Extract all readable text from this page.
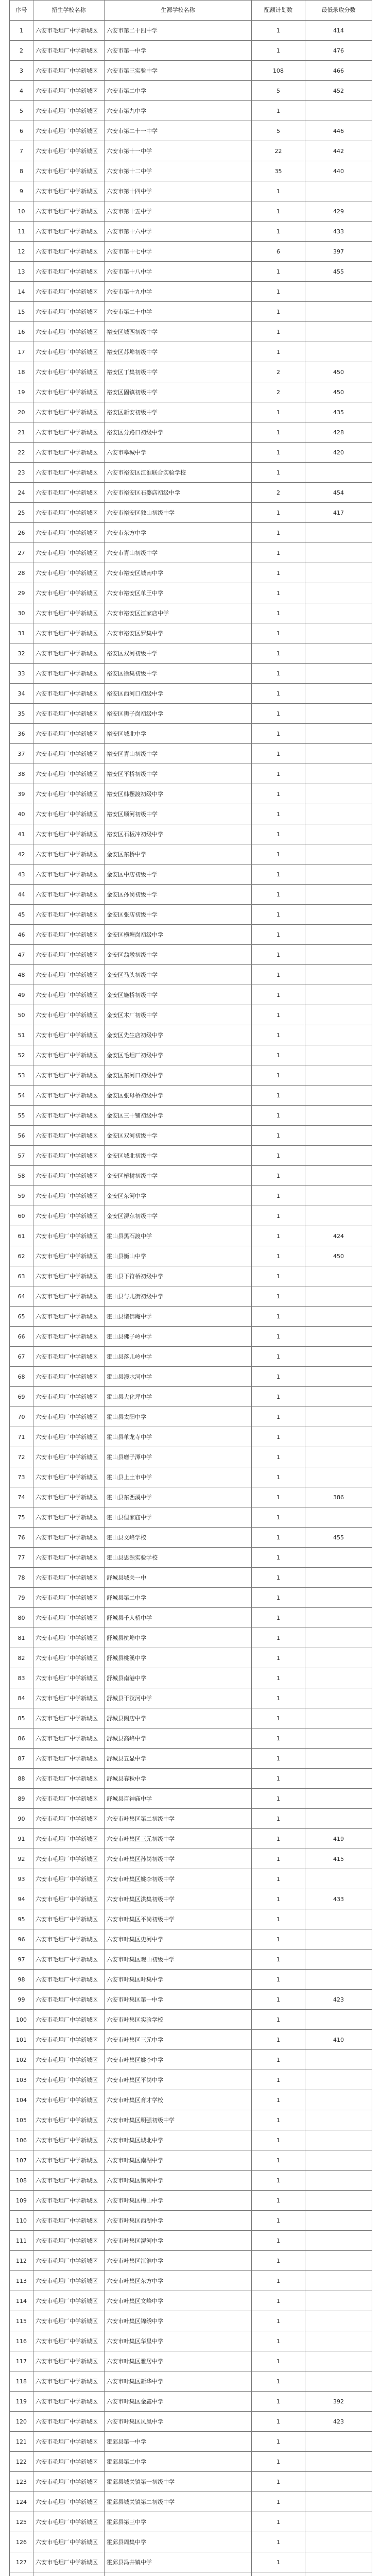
序号	招生学校名称	生源学校名称	配额计划数	最低录取分数
1	六安市毛坦厂中学新城区	六安市第二十四中学	1	414
2	六安市毛坦厂中学新城区	六安市第一中学	1	476
3	六安市毛坦厂中学新城区	六安市第三实验中学	108	466
4	六安市毛坦厂中学新城区	六安市第二中学	5	452
5	六安市毛坦厂中学新城区	六安市第九中学	1	
6	六安市毛坦厂中学新城区	六安市第二十一中学	5	446
7	六安市毛坦厂中学新城区	六安市第十一中学	22	442
8	六安市毛坦厂中学新城区	六安市第十二中学	35	440
9	六安市毛坦厂中学新城区	六安市第十四中学	1	
10	六安市毛坦厂中学新城区	六安市第十五中学	1	429
11	六安市毛坦厂中学新城区	六安市第十六中学	1	433
12	六安市毛坦厂中学新城区	六安市第十七中学	6	397
13	六安市毛坦厂中学新城区	六安市第十八中学	1	455
14	六安市毛坦厂中学新城区	六安市第十九中学	1	
15	六安市毛坦厂中学新城区	六安市第二十中学	1	
16	六安市毛坦厂中学新城区	裕安区城西初级中学	1	
17	六安市毛坦厂中学新城区	裕安区苏埠初级中学	1	
18	六安市毛坦厂中学新城区	裕安区丁集初级中学	2	450
19	六安市毛坦厂中学新城区	裕安区固镇初级中学	2	450
20	六安市毛坦厂中学新城区	裕安区新安初级中学	1	435
21	六安市毛坦厂中学新城区	裕安区分路口初级中学	1	428
22	六安市毛坦厂中学新城区	六安市皋城中学	1	420
23	六安市毛坦厂中学新城区	六安市裕安区江淮联合实验学校	1	
24	六安市毛坦厂中学新城区	六安市裕安区石婆店初级中学	2	454
25	六安市毛坦厂中学新城区	六安市裕安区独山初级中学	1	417
26	六安市毛坦厂中学新城区	六安市东方中学	1	
27	六安市毛坦厂中学新城区	六安市青山初级中学	1	
28	六安市毛坦厂中学新城区	六安市裕安区城南中学	1	
29	六安市毛坦厂中学新城区	六安市裕安区单王中学	1	
30	六安市毛坦厂中学新城区	六安市裕安区江家店中学	1	
31	六安市毛坦厂中学新城区	六安市裕安区罗集中学	1	
32	六安市毛坦厂中学新城区	裕安区双河初级中学	1	
33	六安市毛坦厂中学新城区	裕安区徐集初级中学	1	
34	六安市毛坦厂中学新城区	裕安区西河口初级中学	1	
35	六安市毛坦厂中学新城区	裕安区狮子岗初级中学	1	
36	六安市毛坦厂中学新城区	裕安区城北中学	1	
37	六安市毛坦厂中学新城区	裕安区青山初级中学	1	
38	六安市毛坦厂中学新城区	裕安区平桥初级中学	1	
39	六安市毛坦厂中学新城区	裕安区韩摆渡初级中学	1	
40	六安市毛坦厂中学新城区	裕安区顺河初级中学	1	
41	六安市毛坦厂中学新城区	裕安区石板冲初级中学	1	
42	六安市毛坦厂中学新城区	金安区东桥中学	1	
43	六安市毛坦厂中学新城区	金安区中店初级中学	1	
44	六安市毛坦厂中学新城区	金安区孙岗初级中学	1	
45	六安市毛坦厂中学新城区	金安区张店初级中学	1	
46	六安市毛坦厂中学新城区	金安区横塘岗初级中学	1	
47	六安市毛坦厂中学新城区	金安区翁墩初级中学	1	
48	六安市毛坦厂中学新城区	金安区马头初级中学	1	
49	六安市毛坦厂中学新城区	金安区施桥初级中学	1	
50	六安市毛坦厂中学新城区	金安区木厂初级中学	1	
51	六安市毛坦厂中学新城区	金安区先生店初级中学	1	
52	六安市毛坦厂中学新城区	金安区毛坦厂初级中学	1	
53	六安市毛坦厂中学新城区	金安区东河口初级中学	1	
54	六安市毛坦厂中学新城区	金安区张母桥初级中学	1	
55	六安市毛坦厂中学新城区	金安区三十铺初级中学	1	
56	六安市毛坦厂中学新城区	金安区双河初级中学	1	
57	六安市毛坦厂中学新城区	金安区城北初级中学	1	
58	六安市毛坦厂中学新城区	金安区椿树初级中学	1	
59	六安市毛坦厂中学新城区	金安区东河中学	1	
60	六安市毛坦厂中学新城区	金安区淠东初级中学	1	
61	六安市毛坦厂中学新城区	霍山县黑石渡中学	1	424
62	六安市毛坦厂中学新城区	霍山县衡山中学	1	450
63	六安市毛坦厂中学新城区	霍山县下符桥初级中学	1	
64	六安市毛坦厂中学新城区	霍山县与儿街初级中学	1	
65	六安市毛坦厂中学新城区	霍山县诸佛庵中学	1	
66	六安市毛坦厂中学新城区	霍山县佛子岭中学	1	
67	六安市毛坦厂中学新城区	霍山县落儿岭中学	1	
68	六安市毛坦厂中学新城区	霍山县漫水河中学	1	
69	六安市毛坦厂中学新城区	霍山县大化坪中学	1	
70	六安市毛坦厂中学新城区	霍山县太阳中学	1	
71	六安市毛坦厂中学新城区	霍山县单龙寺中学	1	
72	六安市毛坦厂中学新城区	霍山县磨子潭中学	1	
73	六安市毛坦厂中学新城区	霍山县上土市中学	1	
74	六安市毛坦厂中学新城区	霍山县东西溪中学	1	386
75	六安市毛坦厂中学新城区	霍山县但家庙中学	1	
76	六安市毛坦厂中学新城区	霍山县文峰学校	1	455
77	六安市毛坦厂中学新城区	霍山县思源实验学校	1	
78	六安市毛坦厂中学新城区	舒城县城关一中	1	
79	六安市毛坦厂中学新城区	舒城县第二中学	1	
80	六安市毛坦厂中学新城区	舒城县千人桥中学	1	
81	六安市毛坦厂中学新城区	舒城县杭埠中学	1	
82	六安市毛坦厂中学新城区	舒城县桃溪中学	1	
83	六安市毛坦厂中学新城区	舒城县南港中学	1	
84	六安市毛坦厂中学新城区	舒城县干汊河中学	1	
85	六安市毛坦厂中学新城区	舒城县阙店中学	1	
86	六安市毛坦厂中学新城区	舒城县高峰中学	1	
87	六安市毛坦厂中学新城区	舒城县五显中学	1	
88	六安市毛坦厂中学新城区	舒城县春秋中学	1	
89	六安市毛坦厂中学新城区	舒城县百神庙中学	1	
90	六安市毛坦厂中学新城区	六安市叶集区第二初级中学	1	
91	六安市毛坦厂中学新城区	六安市叶集区三元初级中学	1	419
92	六安市毛坦厂中学新城区	六安市叶集区孙岗初级中学	1	415
93	六安市毛坦厂中学新城区	六安市叶集区姚李初级中学	1	
94	六安市毛坦厂中学新城区	六安市叶集区洪集初级中学	1	433
95	六安市毛坦厂中学新城区	六安市叶集区平岗初级中学	1	
96	六安市毛坦厂中学新城区	六安市叶集区史河中学	1	
97	六安市毛坦厂中学新城区	六安市叶集区观山初级中学	1	
98	六安市毛坦厂中学新城区	六安市叶集区叶集中学	1	
99	六安市毛坦厂中学新城区	六安市叶集区第一中学	1	423
100	六安市毛坦厂中学新城区	六安市叶集区实验学校	1	
101	六安市毛坦厂中学新城区	六安市叶集区三元中学	1	410
102	六安市毛坦厂中学新城区	六安市叶集区姚李中学	1	
103	六安市毛坦厂中学新城区	六安市叶集区平岗中学	1	
104	六安市毛坦厂中学新城区	六安市叶集区育才学校	1	
105	六安市毛坦厂中学新城区	六安市叶集区明强初级中学	1	
106	六安市毛坦厂中学新城区	六安市叶集区城北中学	1	
107	六安市毛坦厂中学新城区	六安市叶集区南湖中学	1	
108	六安市毛坦厂中学新城区	六安市叶集区镇南中学	1	
109	六安市毛坦厂中学新城区	六安市叶集区梅山中学	1	
110	六安市毛坦厂中学新城区	六安市叶集区西湖中学	1	
111	六安市毛坦厂中学新城区	六安市叶集区淠河中学	1	
112	六安市毛坦厂中学新城区	六安市叶集区江淮中学	1	
113	六安市毛坦厂中学新城区	六安市叶集区东方中学	1	
114	六安市毛坦厂中学新城区	六安市叶集区文峰中学	1	
115	六安市毛坦厂中学新城区	六安市叶集区锦绣中学	1	
116	六安市毛坦厂中学新城区	六安市叶集区华星中学	1	
117	六安市毛坦厂中学新城区	六安市叶集区雅居中学	1	
118	六安市毛坦厂中学新城区	六安市叶集区新华中学	1	
119	六安市毛坦厂中学新城区	六安市叶集区金鑫中学	1	392
120	六安市毛坦厂中学新城区	六安市叶集区凤凰中学	1	423
121	六安市毛坦厂中学新城区	霍邱县第一中学	1	
122	六安市毛坦厂中学新城区	霍邱县第二中学	1	
123	六安市毛坦厂中学新城区	霍邱县城关镇第一初级中学	1	
124	六安市毛坦厂中学新城区	霍邱县城关镇第二初级中学	1	
125	六安市毛坦厂中学新城区	霍邱县第三中学	1	
126	六安市毛坦厂中学新城区	霍邱县周集中学	1	
127	六安市毛坦厂中学新城区	霍邱县冯井镇中学	1	
